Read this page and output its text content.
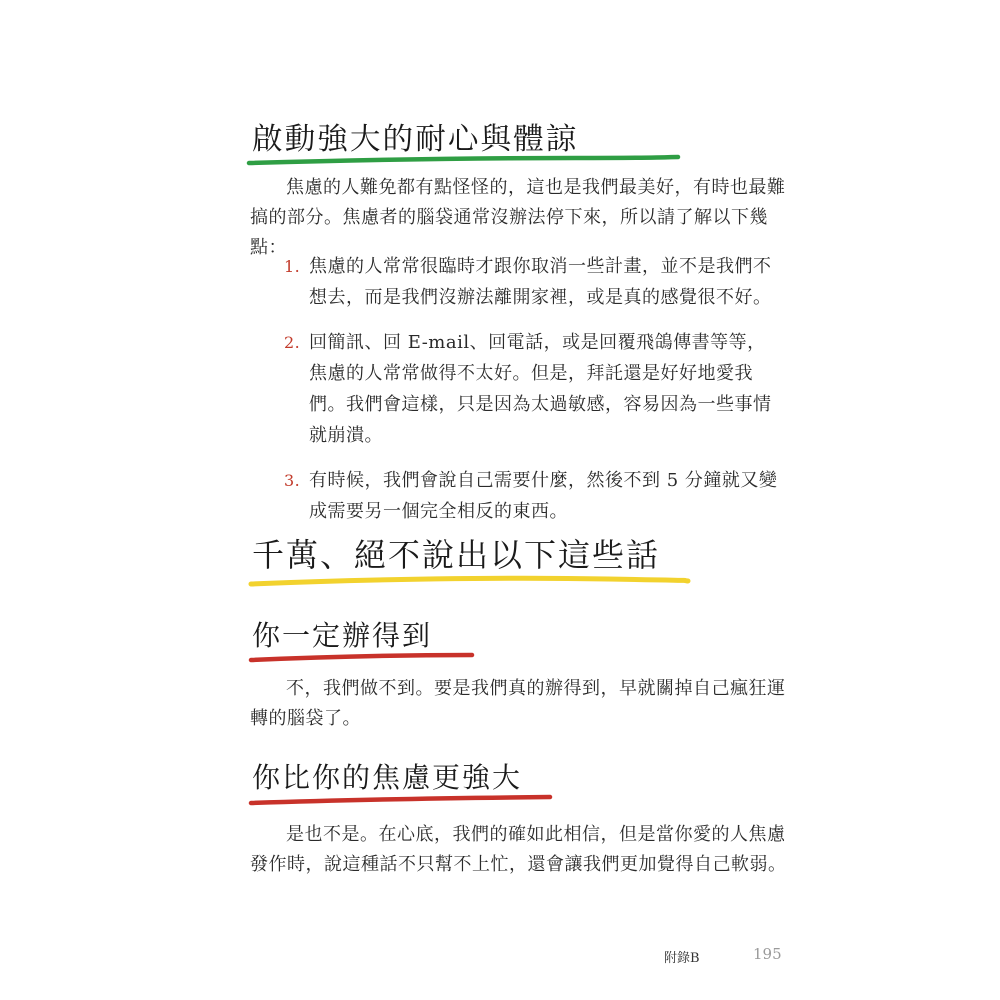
啟動強大的耐心與體諒

焦慮的人難免都有點怪怪的，這也是我們最美好，有時也最難搞的部分。焦慮者的腦袋通常沒辦法停下來，所以請了解以下幾點：

1. 焦慮的人常常很臨時才跟你取消一些計畫，並不是我們不想去，而是我們沒辦法離開家裡，或是真的感覺很不好。
2. 回簡訊、回 E-mail、回電話，或是回覆飛鴿傳書等等，焦慮的人常常做得不太好。但是，拜託還是好好地愛我們。我們會這樣，只是因為太過敏感，容易因為一些事情就崩潰。
3. 有時候，我們會說自己需要什麼，然後不到 5 分鐘就又變成需要另一個完全相反的東西。
千萬、絕不說出以下這些話
你一定辦得到

不，我們做不到。要是我們真的辦得到，早就關掉自己瘋狂運轉的腦袋了。

你比你的焦慮更強大

是也不是。在心底，我們的確如此相信，但是當你愛的人焦慮發作時，說這種話不只幫不上忙，還會讓我們更加覺得自己軟弱。

附錄B	195
